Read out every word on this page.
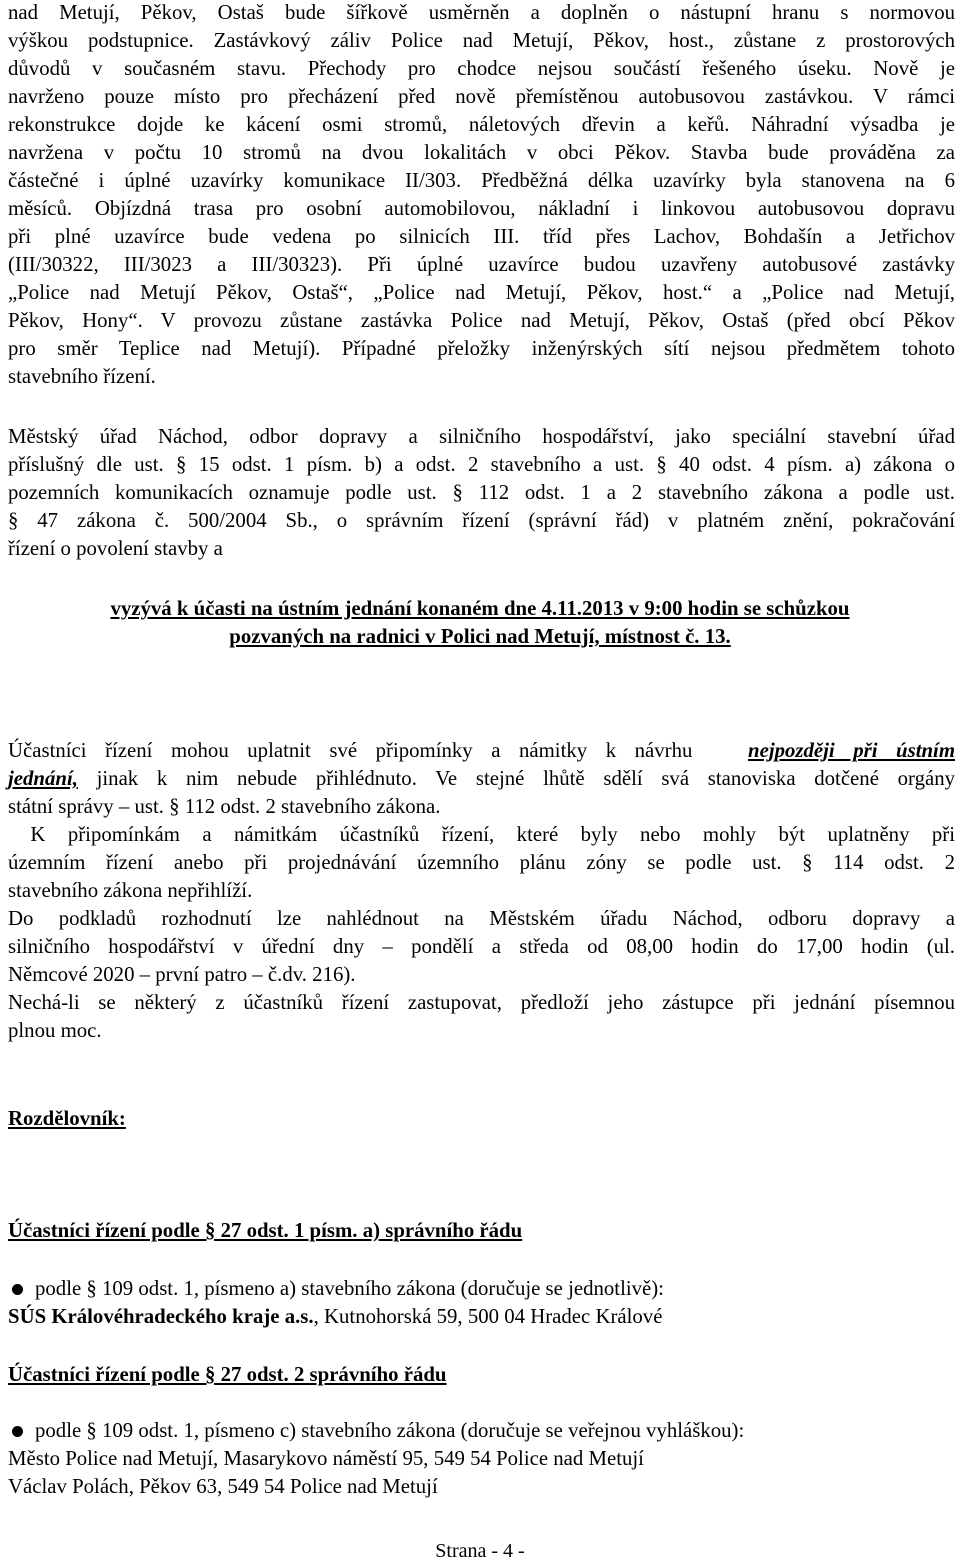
nad Metují, Pěkov, Ostaš bude šířkově usměrněn a doplněn o nástupní hranu s normovou
výškou podstupnice. Zastávkový záliv Police nad Metují, Pěkov, host., zůstane z prostorových
důvodů v současném stavu. Přechody pro chodce nejsou součástí řešeného úseku. Nově je
navrženo pouze místo pro přecházení před nově přemístěnou autobusovou zastávkou. V rámci
rekonstrukce dojde ke kácení osmi stromů, náletových dřevin a keřů. Náhradní výsadba je
navržena v počtu 10 stromů na dvou lokalitách v obci Pěkov. Stavba bude prováděna za
částečné i úplné uzavírky komunikace II/303. Předběžná délka uzavírky byla stanovena na 6
měsíců. Objízdná trasa pro osobní automobilovou, nákladní i linkovou autobusovou dopravu
při plné uzavírce bude vedena po silnicích III. tříd přes Lachov, Bohdašín a Jetřichov
(III/30322, III/3023 a III/30323). Při úplné uzavírce budou uzavřeny autobusové zastávky
„Police nad Metují Pěkov, Ostaš“, „Police nad Metují, Pěkov, host.“ a „Police nad Metují,
Pěkov, Hony“. V provozu zůstane zastávka Police nad Metují, Pěkov, Ostaš (před obcí Pěkov
pro směr Teplice nad Metují). Případné přeložky inženýrských sítí nejsou předmětem tohoto
stavebního řízení.
Městský úřad Náchod, odbor dopravy a silničního hospodářství, jako speciální stavební úřad
příslušný dle ust. § 15 odst. 1 písm. b) a odst. 2 stavebního a ust. § 40 odst. 4 písm. a) zákona o
pozemních komunikacích oznamuje podle ust. § 112 odst. 1 a 2 stavebního zákona a podle ust.
§ 47 zákona č. 500/2004 Sb., o správním řízení (správní řád) v platném znění, pokračování
řízení o povolení stavby a
vyzývá k účasti na ústním jednání konaném dne 4.11.2013 v 9:00 hodin se schůzkou
pozvaných na radnici v Polici nad Metují, místnost č. 13.
Účastníci řízení mohou uplatnit své připomínky a námitky k návrhu	nejpozději při ústním
jednání, jinak k nim nebude přihlédnuto. Ve stejné lhůtě sdělí svá stanoviska dotčené orgány
státní správy – ust. § 112 odst. 2 stavebního zákona.
K připomínkám a námitkám účastníků řízení, které byly nebo mohly být uplatněny při
územním řízení anebo při projednávání územního plánu zóny se podle ust. § 114 odst. 2
stavebního zákona nepřihlíží.
Do podkladů rozhodnutí lze nahlédnout na Městském úřadu Náchod, odboru dopravy a
silničního hospodářství v úřední dny – pondělí a středa od 08,00 hodin do 17,00 hodin (ul.
Němcové 2020 – první patro – č.dv. 216).
Nechá-li se některý z účastníků řízení zastupovat, předloží jeho zástupce při jednání písemnou
plnou moc.
Rozdělovník:
Účastníci řízení podle § 27 odst. 1 písm. a) správního řádu
podle § 109 odst. 1, písmeno a) stavebního zákona (doručuje se jednotlivě):
SÚS Královéhradeckého kraje a.s., Kutnohorská 59, 500 04 Hradec Králové
Účastníci řízení podle § 27 odst. 2 správního řádu
podle § 109 odst. 1, písmeno c) stavebního zákona (doručuje se veřejnou vyhláškou):
Město Police nad Metují, Masarykovo náměstí 95, 549 54 Police nad Metují
Václav Polách, Pěkov 63, 549 54 Police nad Metují
Strana - 4 -
